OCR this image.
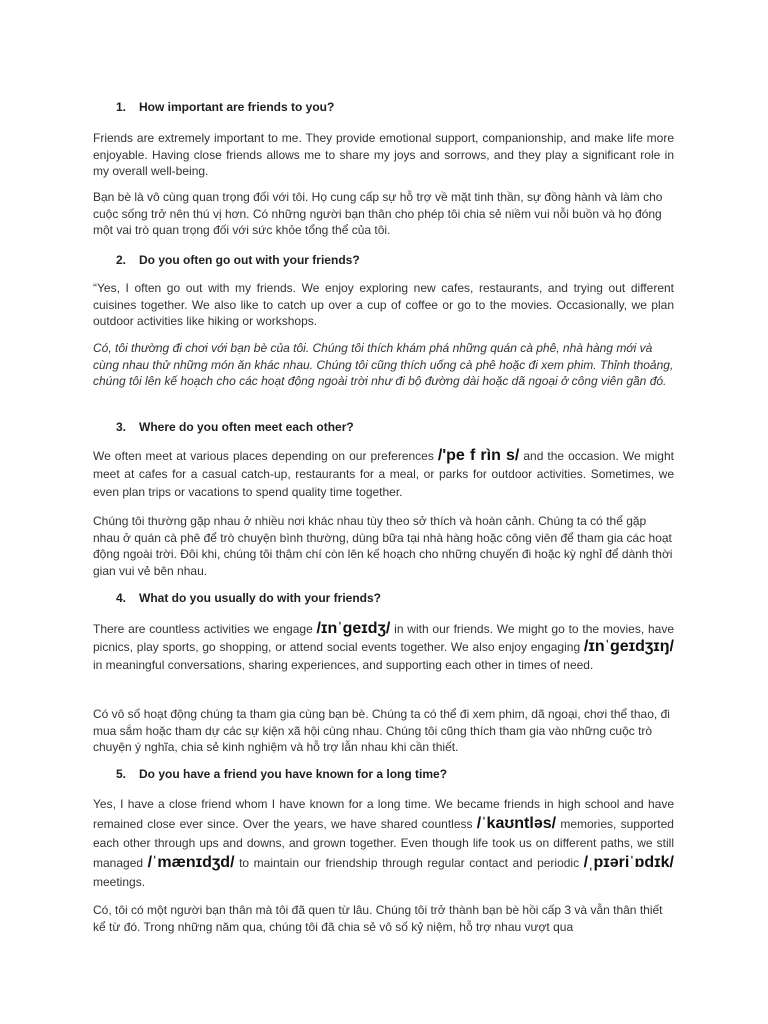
1. How important are friends to you?

Friends are extremely important to me. They provide emotional support, companionship, and make life more enjoyable. Having close friends allows me to share my joys and sorrows, and they play a significant role in my overall well-being.

Bạn bè là vô cùng quan trọng đối với tôi. Họ cung cấp sự hỗ trợ về mặt tinh thần, sự đồng hành và làm cho cuộc sống trở nên thú vị hơn. Có những người bạn thân cho phép tôi chia sẻ niềm vui nỗi buồn và họ đóng một vai trò quan trọng đối với sức khỏe tổng thể của tôi.

2. Do you often go out with your friends?

“Yes, I often go out with my friends. We enjoy exploring new cafes, restaurants, and trying out different cuisines together. We also like to catch up over a cup of coffee or go to the movies. Occasionally, we plan outdoor activities like hiking or workshops.

Có, tôi thường đi chơi với bạn bè của tôi. Chúng tôi thích khám phá những quán cà phê, nhà hàng mới và cùng nhau thử những món ăn khác nhau. Chúng tôi cũng thích uống cà phê hoặc đi xem phim. Thỉnh thoảng, chúng tôi lên kế hoạch cho các hoạt động ngoài trời như đi bộ đường dài hoặc dã ngoại ở công viên gần đó.

3. Where do you often meet each other?

We often meet at various places depending on our preferences /'pe f rìn s/ and the occasion. We might meet at cafes for a casual catch-up, restaurants for a meal, or parks for outdoor activities. Sometimes, we even plan trips or vacations to spend quality time together.

Chúng tôi thường gặp nhau ở nhiều nơi khác nhau tùy theo sở thích và hoàn cảnh. Chúng ta có thể gặp nhau ở quán cà phê để trò chuyện bình thường, dùng bữa tại nhà hàng hoặc công viên để tham gia các hoạt động ngoài trời. Đôi khi, chúng tôi thậm chí còn lên kế hoạch cho những chuyến đi hoặc kỳ nghỉ để dành thời gian vui vẻ bên nhau.

4. What do you usually do with your friends?

There are countless activities we engage /ɪnˈɡeɪdʒ/ in with our friends. We might go to the movies, have picnics, play sports, go shopping, or attend social events together. We also enjoy engaging /ɪnˈɡeɪdʒɪŋ/ in meaningful conversations, sharing experiences, and supporting each other in times of need.

Có vô số hoạt động chúng ta tham gia cùng bạn bè. Chúng ta có thể đi xem phim, dã ngoại, chơi thể thao, đi mua sắm hoặc tham dự các sự kiện xã hội cùng nhau. Chúng tôi cũng thích tham gia vào những cuộc trò chuyện ý nghĩa, chia sẻ kinh nghiệm và hỗ trợ lẫn nhau khi cần thiết.

5. Do you have a friend you have known for a long time?

Yes, I have a close friend whom I have known for a long time. We became friends in high school and have remained close ever since. Over the years, we have shared countless /ˈkaʊntləs/ memories, supported each other through ups and downs, and grown together. Even though life took us on different paths, we still managed /ˈmænɪdʒd/ to maintain our friendship through regular contact and periodic /ˌpɪəriˈɒdɪk/ meetings.

Có, tôi có một người bạn thân mà tôi đã quen từ lâu. Chúng tôi trở thành bạn bè hồi cấp 3 và vẫn thân thiết kể từ đó. Trong những năm qua, chúng tôi đã chia sẻ vô số kỷ niệm, hỗ trợ nhau vượt qua
